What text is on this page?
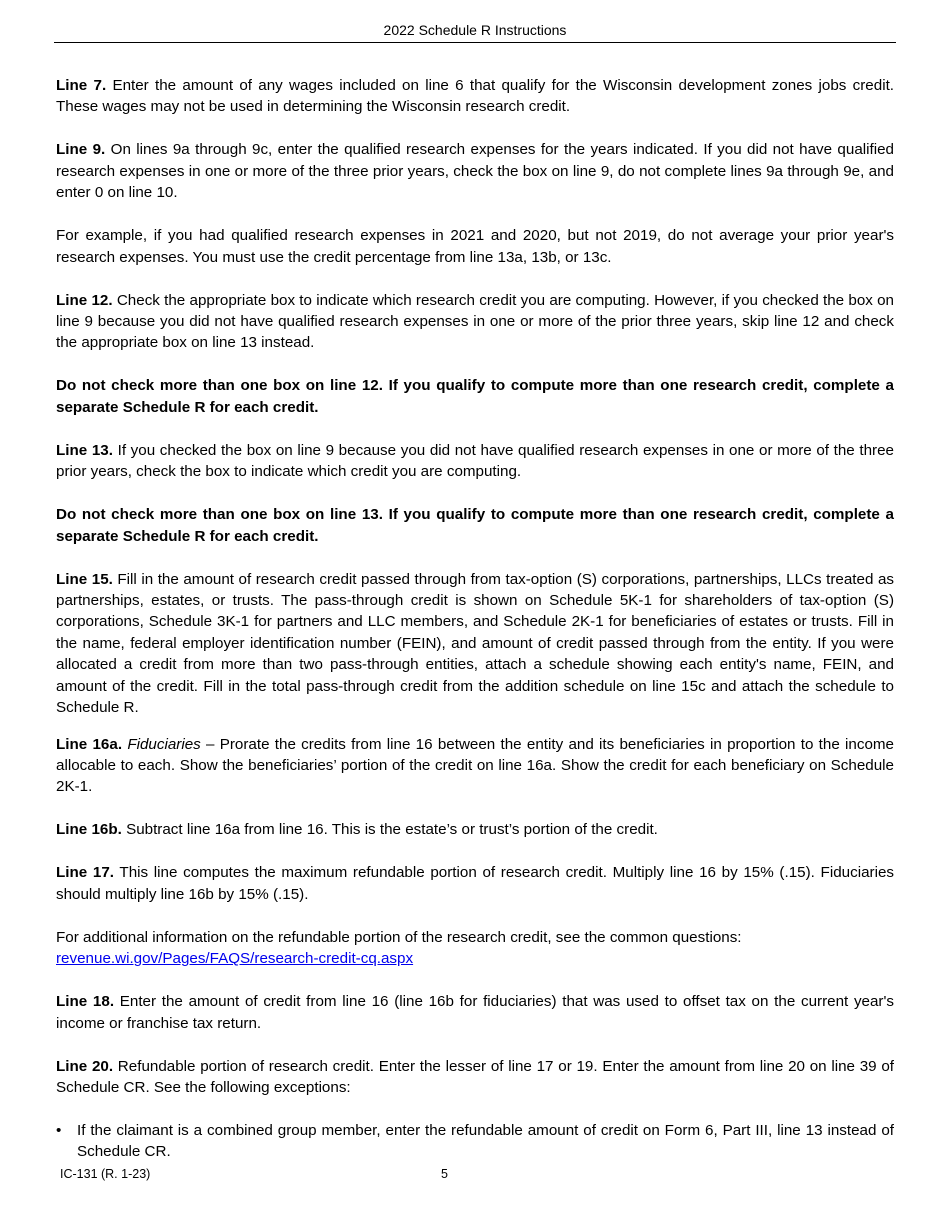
2022 Schedule R Instructions

Line 7. Enter the amount of any wages included on line 6 that qualify for the Wisconsin development zones jobs credit. These wages may not be used in determining the Wisconsin research credit.

Line 9. On lines 9a through 9c, enter the qualified research expenses for the years indicated. If you did not have qualified research expenses in one or more of the three prior years, check the box on line 9, do not complete lines 9a through 9e, and enter 0 on line 10.

For example, if you had qualified research expenses in 2021 and 2020, but not 2019, do not average your prior year's research expenses. You must use the credit percentage from line 13a, 13b, or 13c.

Line 12. Check the appropriate box to indicate which research credit you are computing. However, if you checked the box on line 9 because you did not have qualified research expenses in one or more of the prior three years, skip line 12 and check the appropriate box on line 13 instead.

Do not check more than one box on line 12. If you qualify to compute more than one research credit, complete a separate Schedule R for each credit.

Line 13. If you checked the box on line 9 because you did not have qualified research expenses in one or more of the three prior years, check the box to indicate which credit you are computing.

Do not check more than one box on line 13. If you qualify to compute more than one research credit, complete a separate Schedule R for each credit.

Line 15. Fill in the amount of research credit passed through from tax-option (S) corporations, partnerships, LLCs treated as partnerships, estates, or trusts. The pass-through credit is shown on Schedule 5K-1 for shareholders of tax-option (S) corporations, Schedule 3K-1 for partners and LLC members, and Schedule 2K-1 for beneficiaries of estates or trusts. Fill in the name, federal employer identification number (FEIN), and amount of credit passed through from the entity. If you were allocated a credit from more than two pass-through entities, attach a schedule showing each entity's name, FEIN, and amount of the credit. Fill in the total pass-through credit from the addition schedule on line 15c and attach the schedule to Schedule R.

Line 16a. Fiduciaries – Prorate the credits from line 16 between the entity and its beneficiaries in proportion to the income allocable to each. Show the beneficiaries’ portion of the credit on line 16a. Show the credit for each beneficiary on Schedule 2K-1.

Line 16b. Subtract line 16a from line 16. This is the estate’s or trust’s portion of the credit.

Line 17. This line computes the maximum refundable portion of research credit. Multiply line 16 by 15% (.15). Fiduciaries should multiply line 16b by 15% (.15).

For additional information on the refundable portion of the research credit, see the common questions:
revenue.wi.gov/Pages/FAQS/research-credit-cq.aspx

Line 18. Enter the amount of credit from line 16 (line 16b for fiduciaries) that was used to offset tax on the current year's income or franchise tax return.

Line 20. Refundable portion of research credit. Enter the lesser of line 17 or 19. Enter the amount from line 20 on line 39 of Schedule CR. See the following exceptions:

• If the claimant is a combined group member, enter the refundable amount of credit on Form 6, Part III, line 13 instead of Schedule CR.
IC-131 (R. 1-23)	5
